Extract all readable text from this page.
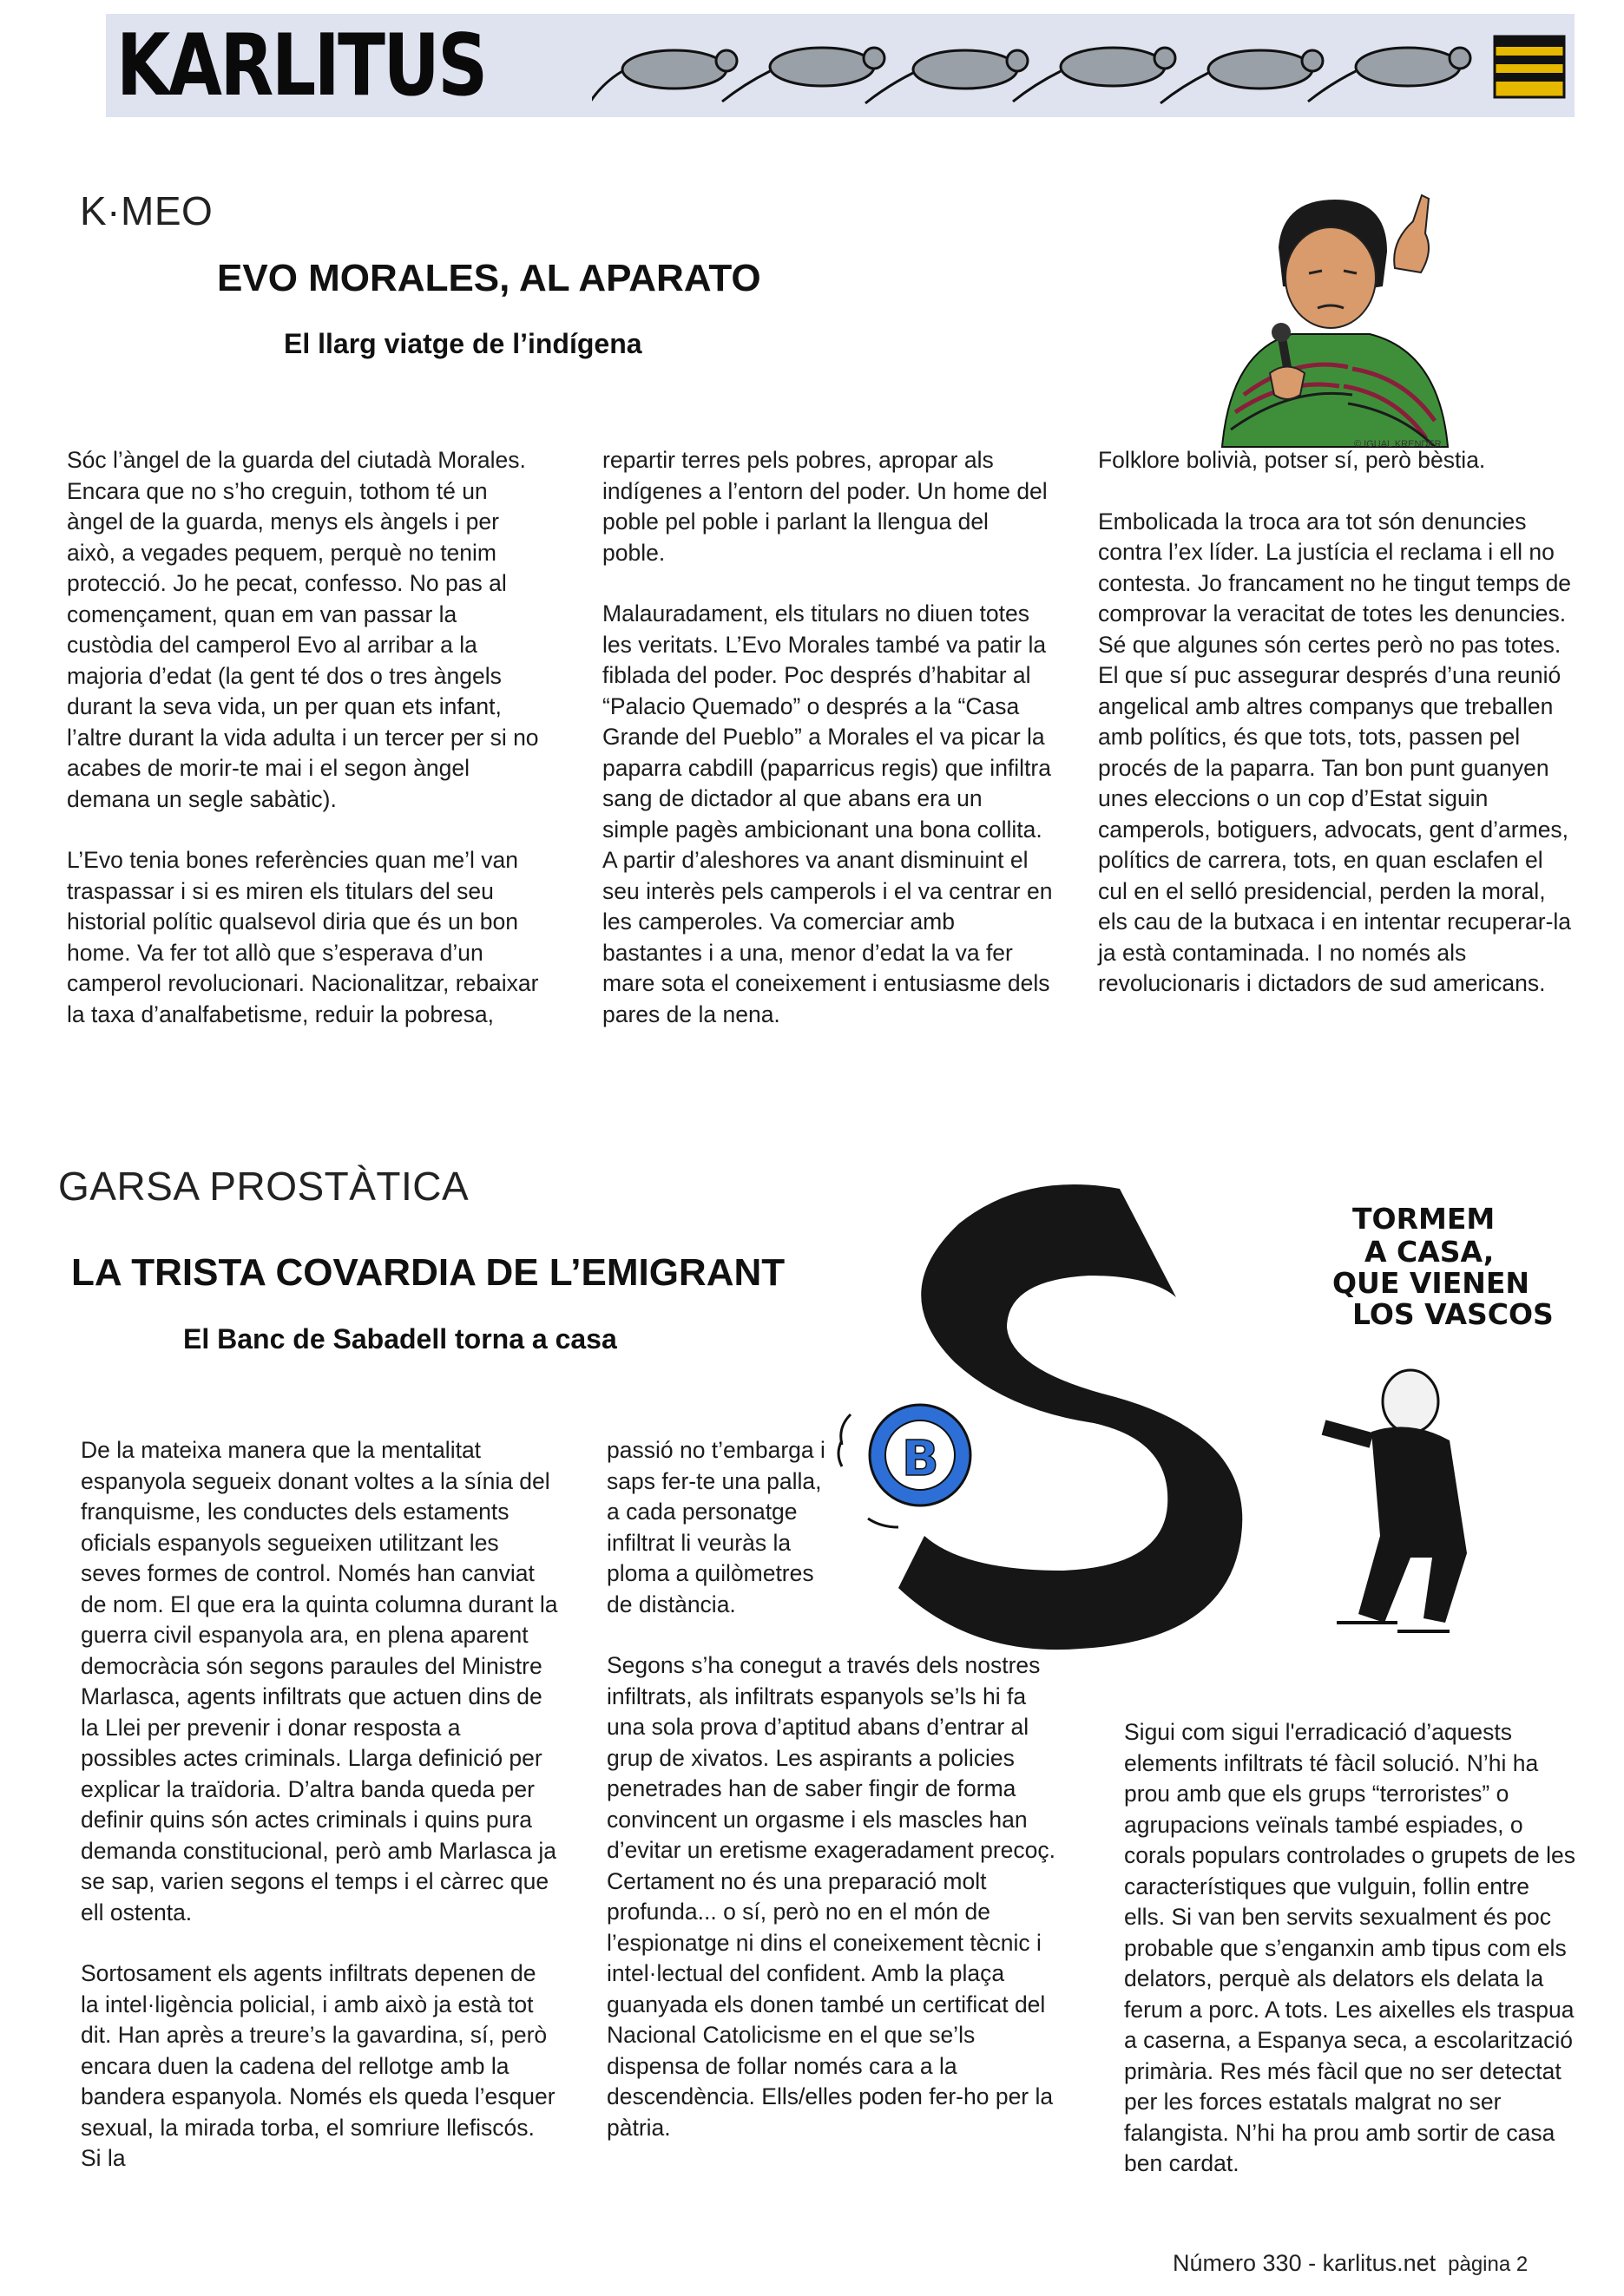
KARLITUS
K·MEO
EVO MORALES, AL APARATO
El llarg viatge de l’indígena
© IGUAL KRENDER

Sóc l’àngel de la guarda del ciutadà Morales. Encara que no s’ho creguin, tothom té un àngel de la guarda, menys els àngels i per això, a vegades pequem, perquè no tenim protecció. Jo he pecat, confesso. No pas al començament, quan em van passar la custòdia del camperol Evo al arribar a la majoria d’edat (la gent té dos o tres àngels durant la seva vida, un per quan ets infant, l’altre durant la vida adulta i un tercer per si no acabes de morir-te mai i el segon àngel demana un segle sabàtic).

L’Evo tenia bones referències quan me’l van traspassar i si es miren els titulars del seu historial polític qualsevol diria que és un bon home. Va fer tot allò que s’esperava d’un camperol revolucionari. Nacionalitzar, rebaixar la taxa d’analfabetisme, reduir la pobresa,

repartir terres pels pobres, apropar als indígenes a l’entorn del poder. Un home del poble pel poble i parlant la llengua del poble.

Malauradament, els titulars no diuen totes les veritats. L’Evo Morales també va patir la fiblada del poder. Poc després d’habitar al “Palacio Quemado” o després a la “Casa Grande del Pueblo” a Morales el va picar la paparra cabdill (paparricus regis) que infiltra sang de dictador al que abans era un simple pagès ambicionant una bona collita. A partir d’aleshores va anant disminuint el seu interès pels camperols i el va centrar en les camperoles. Va comerciar amb bastantes i a una, menor d’edat la va fer mare sota el coneixement i entusiasme dels pares de la nena.

Folklore bolivià, potser sí, però bèstia.

Embolicada la troca ara tot són denuncies contra l’ex líder. La justícia el reclama i ell no contesta. Jo francament no he tingut temps de comprovar la veracitat de totes les denuncies. Sé que algunes són certes però no pas totes. El que sí puc assegurar després d’una reunió angelical amb altres companys que treballen amb polítics, és que tots, tots, passen pel procés de la paparra. Tan bon punt guanyen unes eleccions o un cop d’Estat siguin camperols, botiguers, advocats, gent d’armes, polítics de carrera, tots, en quan esclafen el cul en el selló presidencial, perden la moral, els cau de la butxaca i en intentar recuperar-la ja està contaminada. I no només als revolucionaris i dictadors de sud americans.

GARSA PROSTÀTICA
LA TRISTA COVARDIA DE L’EMIGRANT
El Banc de Sabadell torna a casa
TORMEM
A CASA,
QUE VIENEN
LOS VASCOS
B

De la mateixa manera que la mentalitat espanyola segueix donant voltes a la sínia del franquisme, les conductes dels estaments oficials espanyols segueixen utilitzant les seves formes de control. Només han canviat de nom. El que era la quinta columna durant la guerra civil espanyola ara, en plena aparent democràcia són segons paraules del Ministre Marlasca, agents infiltrats que actuen dins de la Llei per prevenir i donar resposta a possibles actes criminals. Llarga definició per explicar la traïdoria. D’altra banda queda per definir quins són actes criminals i quins pura demanda constitucional, però amb Marlasca ja se sap, varien segons el temps i el càrrec que ell ostenta.

Sortosament els agents infiltrats depenen de la intel·ligència policial, i amb això ja està tot dit. Han après a treure’s la gavardina, sí, però encara duen la cadena del rellotge amb la bandera espanyola. Només els queda l’esquer sexual, la mirada torba, el somriure llefiscós. Si la

passió no t’embarga i saps fer-te una palla, a cada personatge infiltrat li veuràs la ploma a quilòmetres de distància.

Segons s’ha conegut a través dels nostres infiltrats, als infiltrats espanyols se’ls hi fa una sola prova d’aptitud abans d’entrar al grup de xivatos. Les aspirants a policies penetrades han de saber fingir de forma convincent un orgasme i els mascles han d’evitar un eretisme exageradament precoç. Certament no és una preparació molt profunda... o sí, però no en el món de l’espionatge ni dins el coneixement tècnic i intel·lectual del confident. Amb la plaça guanyada els donen també un certificat del Nacional Catolicisme en el que se’ls dispensa de follar només cara a la descendència. Ells/elles poden fer-ho per la pàtria.

Sigui com sigui l'erradicació d’aquests elements infiltrats té fàcil solució. N’hi ha prou amb que els grups “terroristes” o agrupacions veïnals també espiades, o corals populars controlades o grupets de les característiques que vulguin, follin entre ells. Si van ben servits sexualment és poc probable que s’enganxin amb tipus com els delators, perquè als delators els delata la ferum a porc. A tots. Les aixelles els traspua a caserna, a Espanya seca, a escolarització primària. Res més fàcil que no ser detectat per les forces estatals malgrat no ser falangista. N’hi ha prou amb sortir de casa ben cardat.

Número 330 - karlitus.net pàgina 2
